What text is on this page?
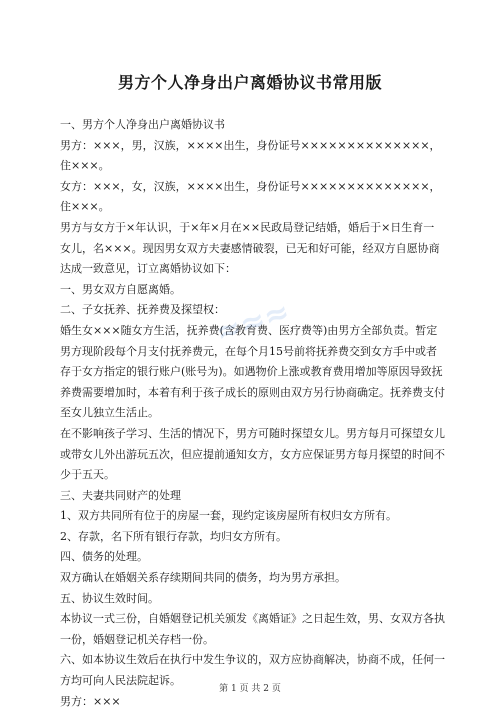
男方个人净身出户离婚协议书常用版

一、男方个人净身出户离婚协议书

男方：×××，男，汉族，××××出生，身份证号××××××××××××××，住×××。

女方：×××，女，汉族，××××出生，身份证号××××××××××××××，住×××。

男方与女方于×年认识，于×年×月在××民政局登记结婚，婚后于×日生育一女儿，名×××。现因男女双方夫妻感情破裂，已无和好可能，经双方自愿协商达成一致意见，订立离婚协议如下：

一、男女双方自愿离婚。

二、子女抚养、抚养费及探望权：

婚生女×××随女方生活，抚养费(含教育费、医疗费等)由男方全部负责。暂定男方现阶段每个月支付抚养费元，在每个月15号前将抚养费交到女方手中或者存于女方指定的银行账户(账号为)。如遇物价上涨或教育费用增加等原因导致抚养费需要增加时，本着有利于孩子成长的原则由双方另行协商确定。抚养费支付至女儿独立生活止。

在不影响孩子学习、生活的情况下，男方可随时探望女儿。男方每月可探望女儿或带女儿外出游玩五次，但应提前通知女方，女方应保证男方每月探望的时间不少于五天。

三、夫妻共同财产的处理

1、双方共同所有位于的房屋一套，现约定该房屋所有权归女方所有。

2、存款，名下所有银行存款，均归女方所有。

四、债务的处理。

双方确认在婚姻关系存续期间共同的债务，均为男方承担。

五、协议生效时间。

本协议一式三份，自婚姻登记机关颁发《离婚证》之日起生效，男、女双方各执一份，婚姻登记机关存档一份。

六、如本协议生效后在执行中发生争议的，双方应协商解决，协商不成，任何一方均可向人民法院起诉。

男方：×××

≈≈≈
第 1 页 共 2 页
